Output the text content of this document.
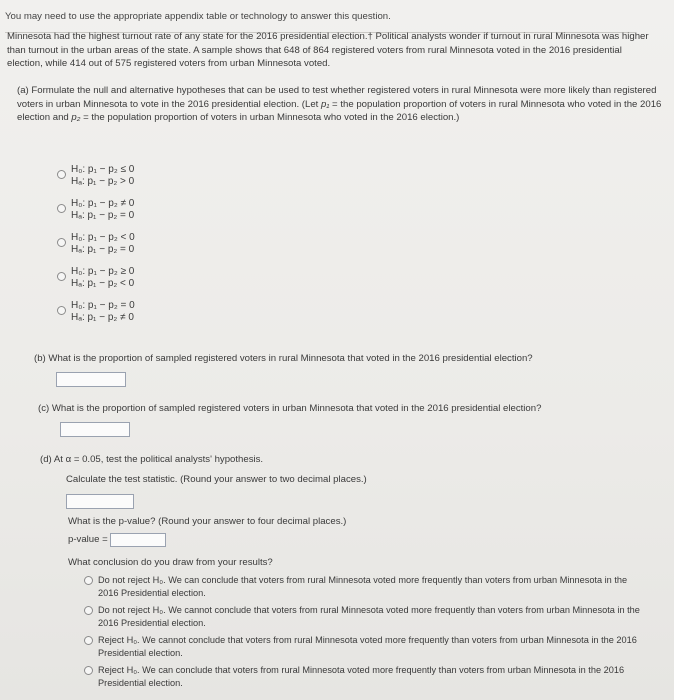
You may need to use the appropriate appendix table or technology to answer this question.
Minnesota had the highest turnout rate of any state for the 2016 presidential election.† Political analysts wonder if turnout in rural Minnesota was higher than turnout in the urban areas of the state. A sample shows that 648 of 864 registered voters from rural Minnesota voted in the 2016 presidential election, while 414 out of 575 registered voters from urban Minnesota voted.
(a) Formulate the null and alternative hypotheses that can be used to test whether registered voters in rural Minnesota were more likely than registered voters in urban Minnesota to vote in the 2016 presidential election. (Let p₁ = the population proportion of voters in rural Minnesota who voted in the 2016 election and p₂ = the population proportion of voters in urban Minnesota who voted in the 2016 election.)
H₀: p₁ − p₂ ≤ 0
Hₐ: p₁ − p₂ > 0
H₀: p₁ − p₂ ≠ 0
Hₐ: p₁ − p₂ = 0
H₀: p₁ − p₂ < 0
Hₐ: p₁ − p₂ = 0
H₀: p₁ − p₂ ≥ 0
Hₐ: p₁ − p₂ < 0
H₀: p₁ − p₂ = 0
Hₐ: p₁ − p₂ ≠ 0
(b) What is the proportion of sampled registered voters in rural Minnesota that voted in the 2016 presidential election?
(c) What is the proportion of sampled registered voters in urban Minnesota that voted in the 2016 presidential election?
(d) At α = 0.05, test the political analysts' hypothesis.
Calculate the test statistic. (Round your answer to two decimal places.)
What is the p-value? (Round your answer to four decimal places.)
p-value =
What conclusion do you draw from your results?
Do not reject H₀. We can conclude that voters from rural Minnesota voted more frequently than voters from urban Minnesota in the 2016 Presidential election.
Do not reject H₀. We cannot conclude that voters from rural Minnesota voted more frequently than voters from urban Minnesota in the 2016 Presidential election.
Reject H₀. We cannot conclude that voters from rural Minnesota voted more frequently than voters from urban Minnesota in the 2016 Presidential election.
Reject H₀. We can conclude that voters from rural Minnesota voted more frequently than voters from urban Minnesota in the 2016 Presidential election.
